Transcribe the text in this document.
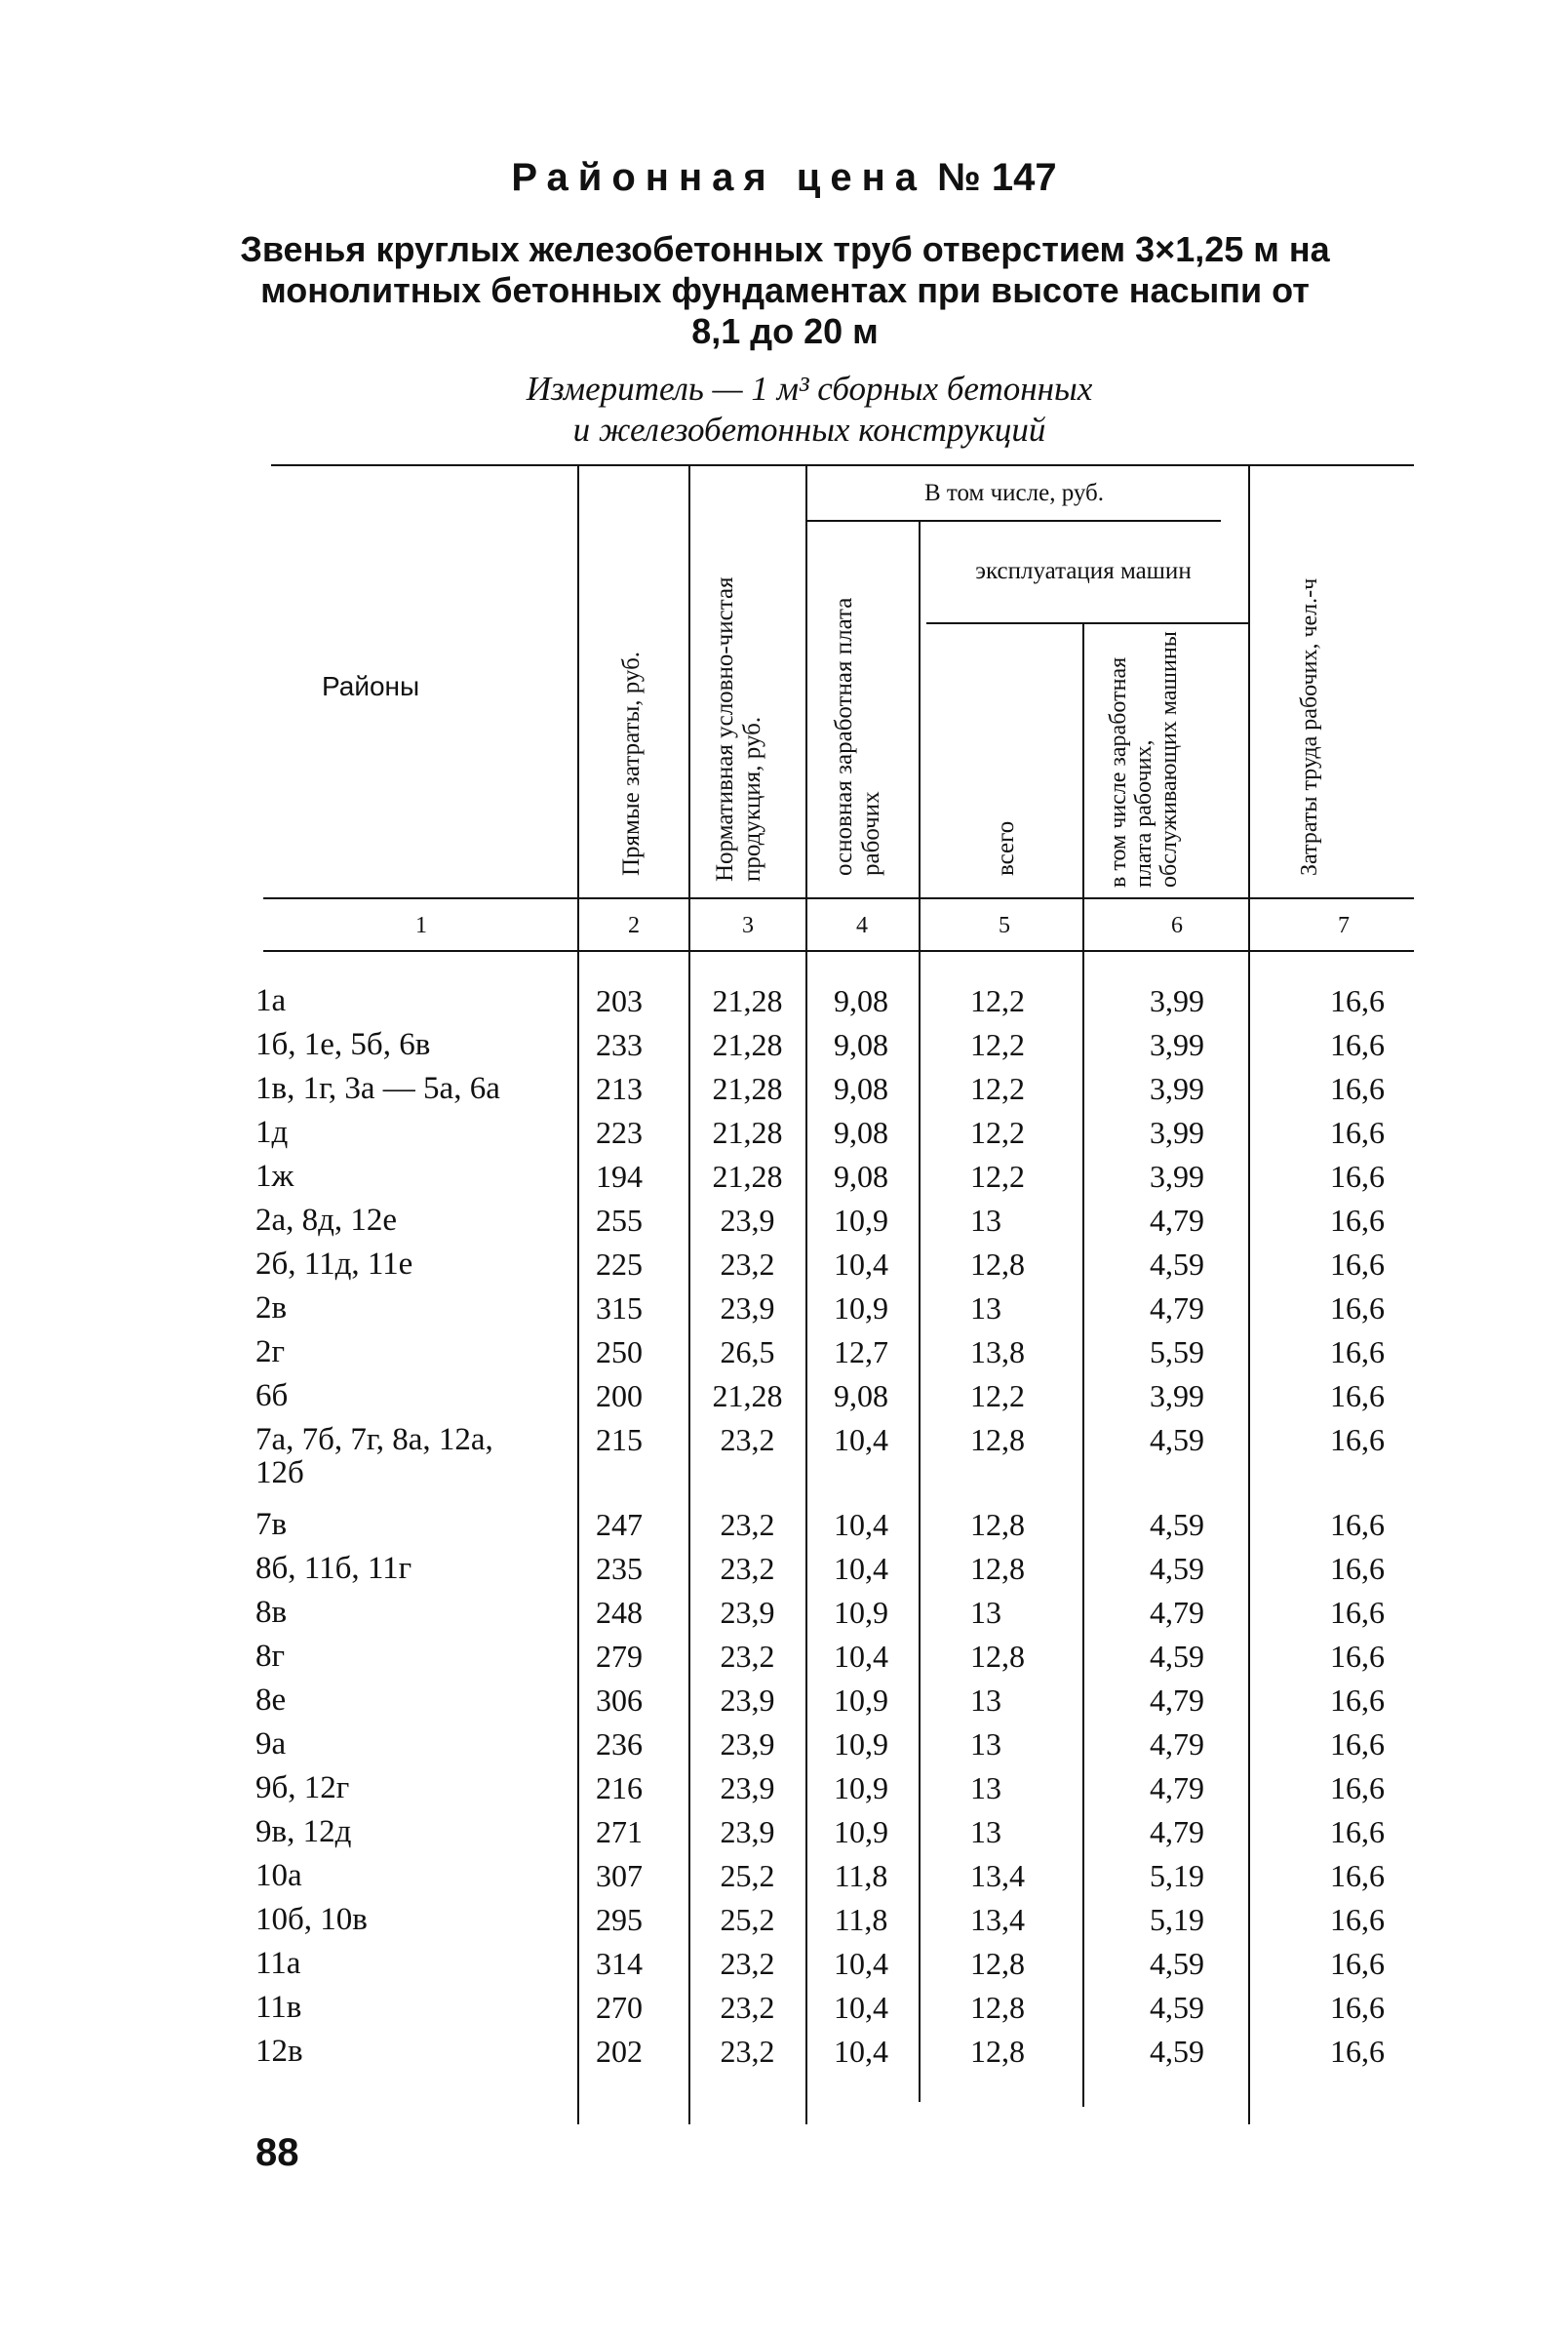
Районная цена № 147
Звенья круглых железобетонных труб отверстием 3×1,25 м на монолитных бетонных фундаментах при высоте насыпи от 8,1 до 20 м
Измеритель — 1 м³ сборных бетонных
и железобетонных конструкций
Районы
В том числе, руб.
эксплуатация машин
Прямые затраты, руб.	Нормативная условно-чистая продукция, руб.	основная заработная плата рабочих	всего	в том числе заработная плата рабочих, обслуживающих машины	Затраты труда рабочих, чел.-ч
1	2	3	4	5	6	7
1а	203	21,28	9,08	12,2	3,99	16,6
1б, 1е, 5б, 6в	233	21,28	9,08	12,2	3,99	16,6
1в, 1г, 3а — 5а, 6а	213	21,28	9,08	12,2	3,99	16,6
1д	223	21,28	9,08	12,2	3,99	16,6
1ж	194	21,28	9,08	12,2	3,99	16,6
2а, 8д, 12е	255	23,9	10,9	13	4,79	16,6
2б, 11д, 11е	225	23,2	10,4	12,8	4,59	16,6
2в	315	23,9	10,9	13	4,79	16,6
2г	250	26,5	12,7	13,8	5,59	16,6
6б	200	21,28	9,08	12,2	3,99	16,6
7а, 7б, 7г, 8а, 12а,	215	23,2	10,4	12,8	4,59	16,6
12б
7в	247	23,2	10,4	12,8	4,59	16,6
8б, 11б, 11г	235	23,2	10,4	12,8	4,59	16,6
8в	248	23,9	10,9	13	4,79	16,6
8г	279	23,2	10,4	12,8	4,59	16,6
8е	306	23,9	10,9	13	4,79	16,6
9а	236	23,9	10,9	13	4,79	16,6
9б, 12г	216	23,9	10,9	13	4,79	16,6
9в, 12д	271	23,9	10,9	13	4,79	16,6
10а	307	25,2	11,8	13,4	5,19	16,6
10б, 10в	295	25,2	11,8	13,4	5,19	16,6
11а	314	23,2	10,4	12,8	4,59	16,6
11в	270	23,2	10,4	12,8	4,59	16,6
12в	202	23,2	10,4	12,8	4,59	16,6
88
